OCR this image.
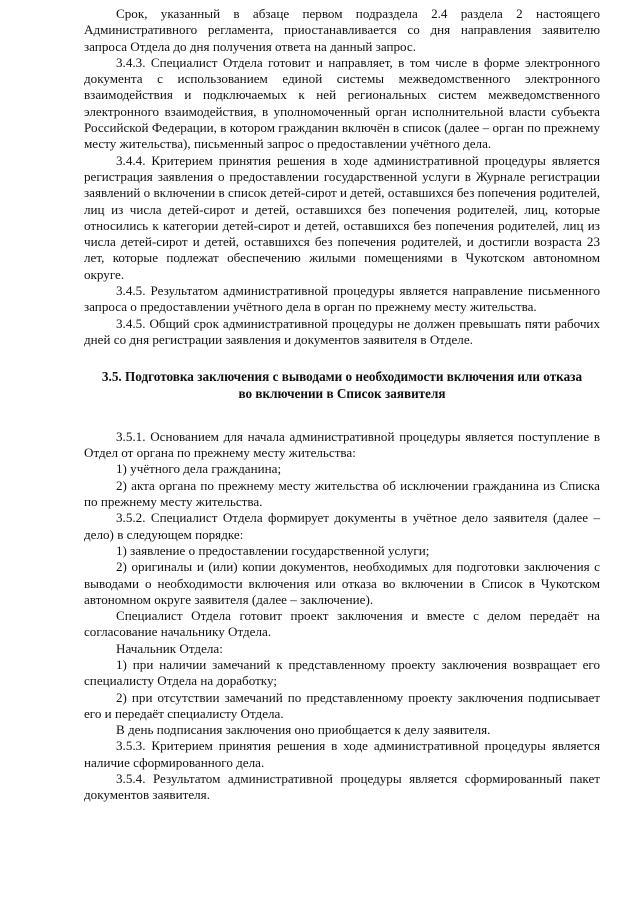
Срок, указанный в абзаце первом подраздела 2.4 раздела 2 настоящего Административного регламента, приостанавливается со дня направления заявителю запроса Отдела до дня получения ответа на данный запрос.

3.4.3. Специалист Отдела готовит и направляет, в том числе в форме электронного документа с использованием единой системы межведомственного электронного взаимодействия и подключаемых к ней региональных систем межведомственного электронного взаимодействия, в уполномоченный орган исполнительной власти субъекта Российской Федерации, в котором гражданин включён в список (далее – орган по прежнему месту жительства), письменный запрос о предоставлении учётного дела.

3.4.4. Критерием принятия решения в ходе административной процедуры является регистрация заявления о предоставлении государственной услуги в Журнале регистрации заявлений о включении в список детей-сирот и детей, оставшихся без попечения родителей, лиц из числа детей-сирот и детей, оставшихся без попечения родителей, лиц, которые относились к категории детей-сирот и детей, оставшихся без попечения родителей, лиц из числа детей-сирот и детей, оставшихся без попечения родителей, и достигли возраста 23 лет, которые подлежат обеспечению жилыми помещениями в Чукотском автономном округе.

3.4.5. Результатом административной процедуры является направление письменного запроса о предоставлении учётного дела в орган по прежнему месту жительства.

3.4.5. Общий срок административной процедуры не должен превышать пяти рабочих дней со дня регистрации заявления и документов заявителя в Отделе.

3.5. Подготовка заключения с выводами о необходимости включения или отказа
во включении в Список заявителя

3.5.1. Основанием для начала административной процедуры является поступление в Отдел от органа по прежнему месту жительства:

1) учётного дела гражданина;

2) акта органа по прежнему месту жительства об исключении гражданина из Списка по прежнему месту жительства.

3.5.2. Специалист Отдела формирует документы в учётное дело заявителя (далее – дело) в следующем порядке:

1) заявление о предоставлении государственной услуги;

2) оригиналы и (или) копии документов, необходимых для подготовки заключения с выводами о необходимости включения или отказа во включении в Список в Чукотском автономном округе заявителя (далее – заключение).

Специалист Отдела готовит проект заключения и вместе с делом передаёт на согласование начальнику Отдела.

Начальник Отдела:

1) при наличии замечаний к представленному проекту заключения возвращает его специалисту Отдела на доработку;

2) при отсутствии замечаний по представленному проекту заключения подписывает его и передаёт специалисту Отдела.

В день подписания заключения оно приобщается к делу заявителя.

3.5.3. Критерием принятия решения в ходе административной процедуры является наличие сформированного дела.

3.5.4. Результатом административной процедуры является сформированный пакет документов заявителя.
